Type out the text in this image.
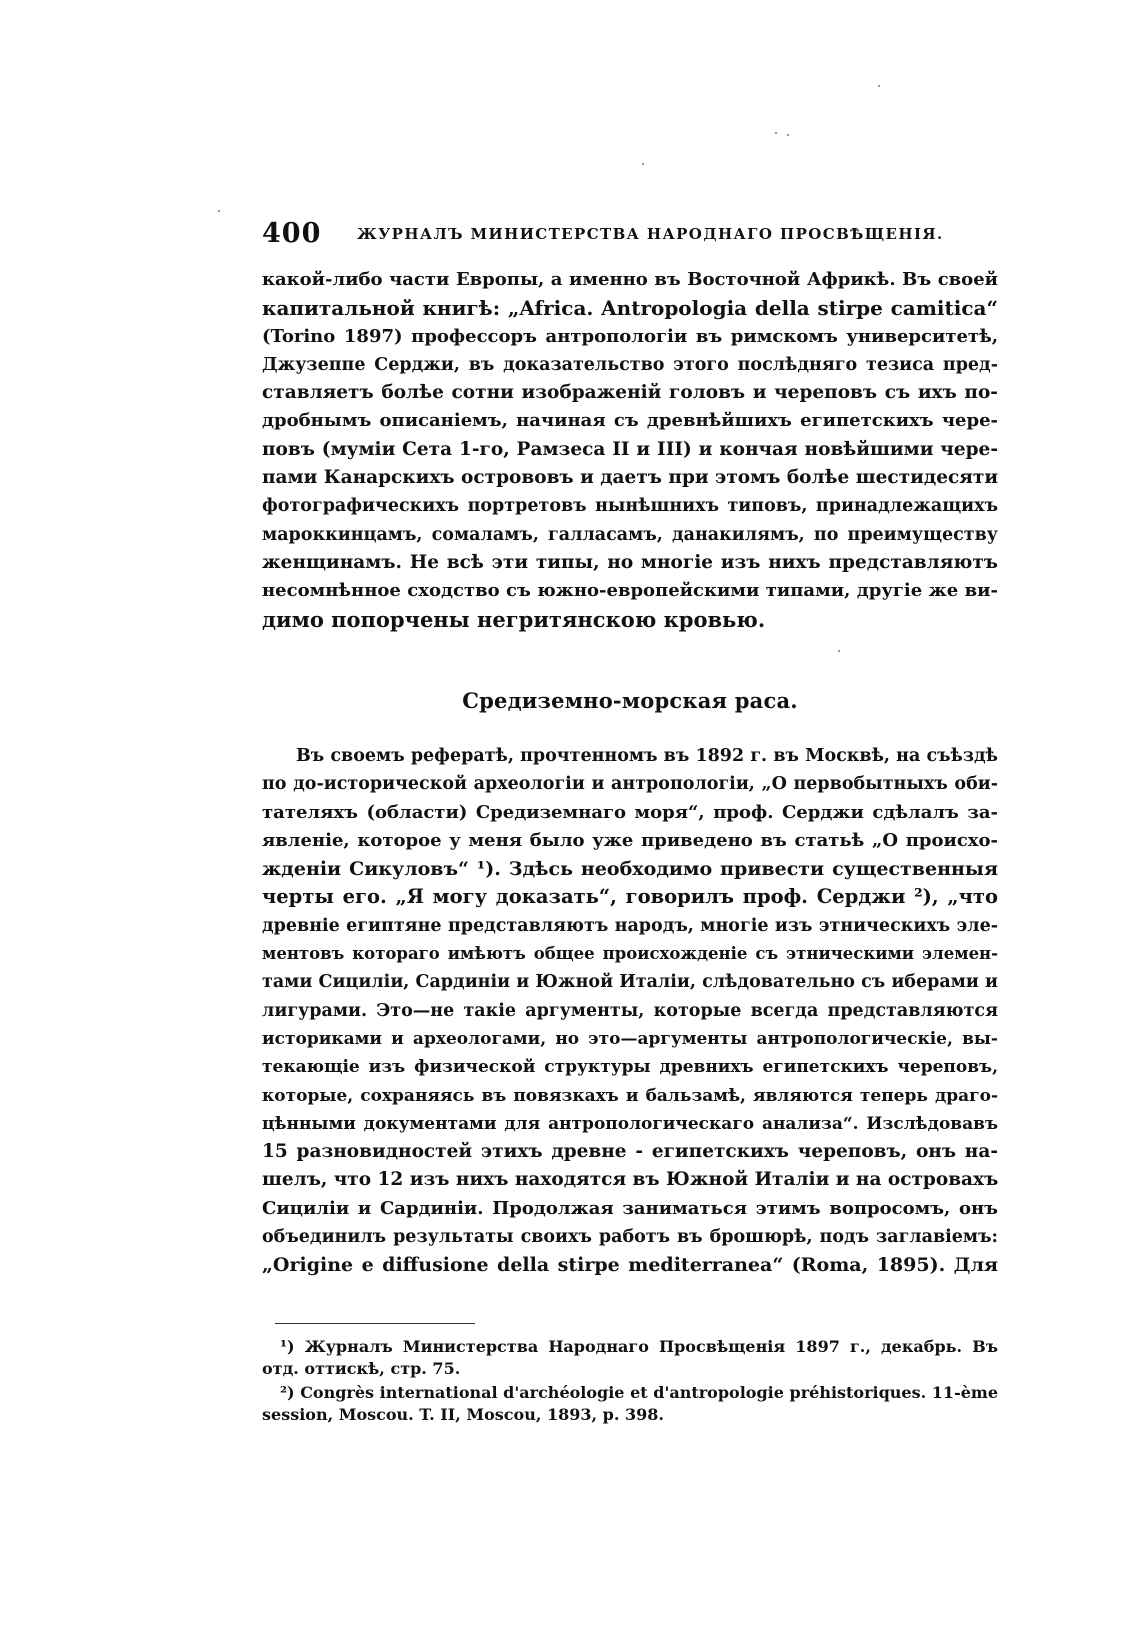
400 ЖУРНАЛЪ МИНИСТЕРСТВА НАРОДНАГО ПРОСВѢЩЕНІЯ.

какой-либо части Европы, а именно въ Восточной Африкѣ. Въ своей
капитальной книгѣ: „Africa. Antropologia della stirpe camitica“
(Torino 1897) профессоръ антропологіи въ римскомъ университетѣ,
Джузеппе Серджи, въ доказательство этого послѣдняго тезиса пред-
ставляетъ болѣе сотни изображеній головъ и череповъ съ ихъ по-
дробнымъ описаніемъ, начиная съ древнѣйшихъ египетскихъ чере-
повъ (муміи Сета 1-го, Рамзеса II и III) и кончая новѣйшими чере-
пами Канарскихъ острововъ и даетъ при этомъ болѣе шестидесяти
фотографическихъ портретовъ нынѣшнихъ типовъ, принадлежащихъ
мароккинцамъ, сомаламъ, галласамъ, данакилямъ, по преимуществу
женщинамъ. Не всѣ эти типы, но многіе изъ нихъ представляютъ
несомнѣнное сходство съ южно-европейскими типами, другіе же ви-
димо попорчены негритянскою кровью.

Средиземно-морская раса.

Въ своемъ рефератѣ, прочтенномъ въ 1892 г. въ Москвѣ, на съѣздѣ
по до-исторической археологіи и антропологіи, „О первобытныхъ оби-
тателяхъ (области) Средиземнаго моря“, проф. Серджи сдѣлалъ за-
явленіе, которое у меня было уже приведено въ статьѣ „О происхо-
жденіи Сикуловъ“ ¹). Здѣсь необходимо привести существенныя
черты его. „Я могу доказать“, говорилъ проф. Серджи ²), „что
древніе египтяне представляютъ народъ, многіе изъ этническихъ эле-
ментовъ котораго имѣютъ общее происхожденіе съ этническими элемен-
тами Сициліи, Сардиніи и Южной Италіи, слѣдовательно съ иберами и
лигурами. Это—не такіе аргументы, которые всегда представляются
историками и археологами, но это—аргументы антропологическіе, вы-
текающіе изъ физической структуры древнихъ египетскихъ череповъ,
которые, сохраняясь въ повязкахъ и бальзамѣ, являются теперь драго-
цѣнными документами для антропологическаго анализа“. Изслѣдовавъ
15 разновидностей этихъ древне - египетскихъ череповъ, онъ на-
шелъ, что 12 изъ нихъ находятся въ Южной Италіи и на островахъ
Сициліи и Сардиніи. Продолжая заниматься этимъ вопросомъ, онъ
объединилъ результаты своихъ работъ въ брошюрѣ, подъ заглавіемъ:
„Origine e diffusione della stirpe mediterranea“ (Roma, 1895). Для

¹) Журналъ Министерства Народнаго Просвѣщенія 1897 г., декабрь. Въ
отд. оттискѣ, стр. 75.
²) Congrès international d'archéologie et d'antropologie préhistoriques. 11-ème
session, Moscou. T. II, Moscou, 1893, p. 398.
